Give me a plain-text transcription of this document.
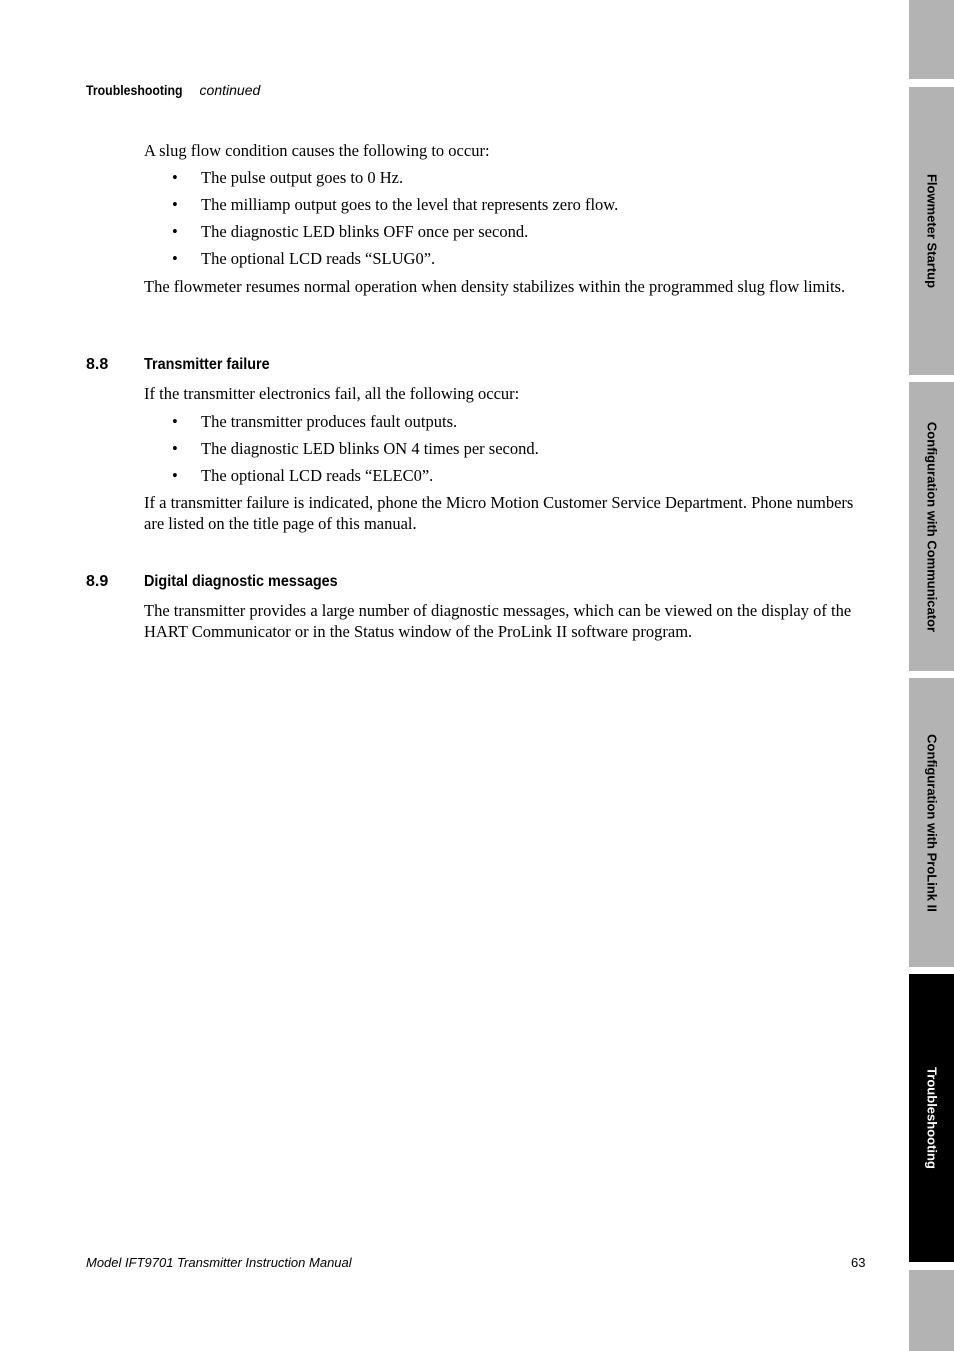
Troubleshooting continued

A slug flow condition causes the following to occur:

• The pulse output goes to 0 Hz.
• The milliamp output goes to the level that represents zero flow.
• The diagnostic LED blinks OFF once per second.
• The optional LCD reads “SLUG0”.

The flowmeter resumes normal operation when density stabilizes within the programmed slug flow limits.

8.8 Transmitter failure

If the transmitter electronics fail, all the following occur:

• The transmitter produces fault outputs.
• The diagnostic LED blinks ON 4 times per second.
• The optional LCD reads “ELEC0”.

If a transmitter failure is indicated, phone the Micro Motion Customer Service Department. Phone numbers are listed on the title page of this manual.

8.9 Digital diagnostic messages

The transmitter provides a large number of diagnostic messages, which can be viewed on the display of the HART Communicator or in the Status window of the ProLink II software program.

Model IFT9701 Transmitter Instruction Manual	63
Flowmeter Startup
Configuration with Communicator
Configuration with ProLink II
Troubleshooting
